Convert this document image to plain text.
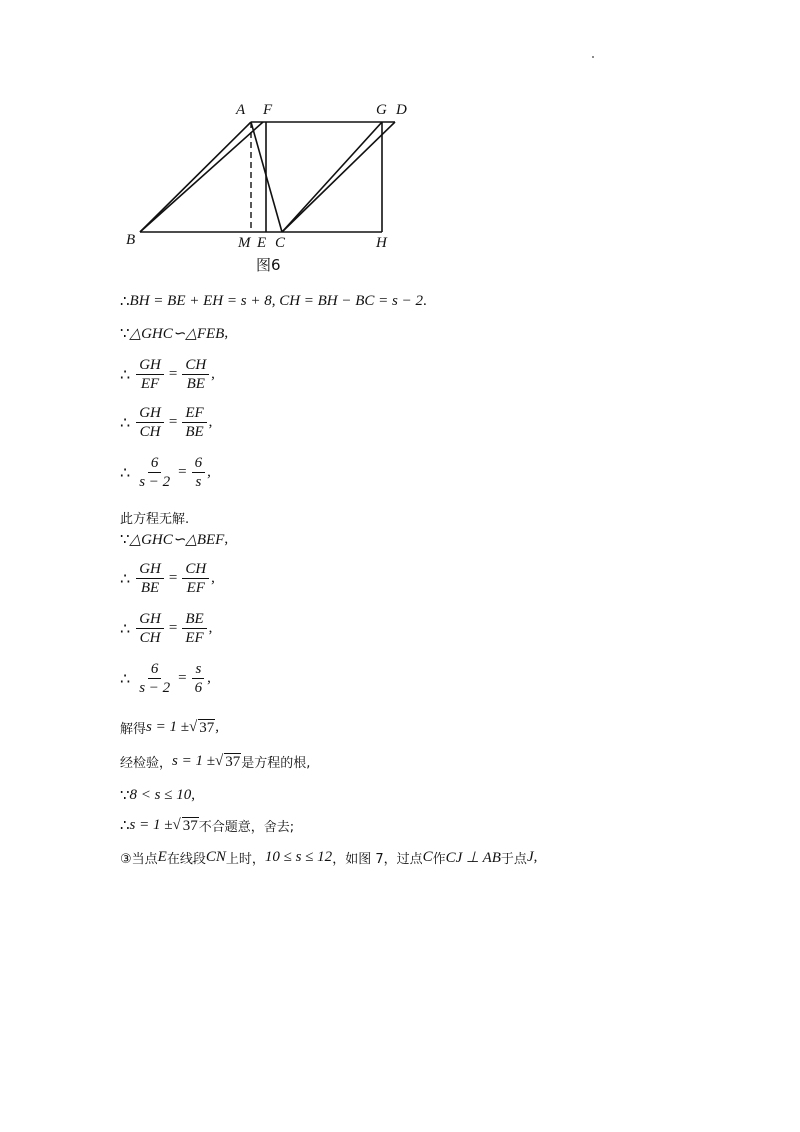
A F	G D
B	M E C	H
图6
∴ BH = BE + EH = s + 8, CH = BH − BC = s − 2 .
∵ △GHC∽△FEB ,
∴ $\frac{GH}{EF} = \frac{CH}{BE}$ ,
∴ $\frac{GH}{CH} = \frac{EF}{BE}$ ,
∴ $\frac{6}{s - 2} = \frac{6}{s}$ ,
此方程无解.
∵ △GHC∽△BEF ,
∴ $\frac{GH}{BE} = \frac{CH}{EF}$ ,
∴ $\frac{GH}{CH} = \frac{BE}{EF}$ ,
∴ $\frac{6}{s - 2} = \frac{s}{6}$ ,
解得 s = 1 ± √ 37 ,
经检验， s = 1 ± √ 37 是方程的根,
∵ 8 < s ≤ 10 ,
∴ s = 1 ± √ 37 不合题意，舍去;
③当点 E 在线段 CN 上时， 10 ≤ s ≤ 12 ，如图 7，过点 C 作 CJ ⊥ AB 于点 J ,
